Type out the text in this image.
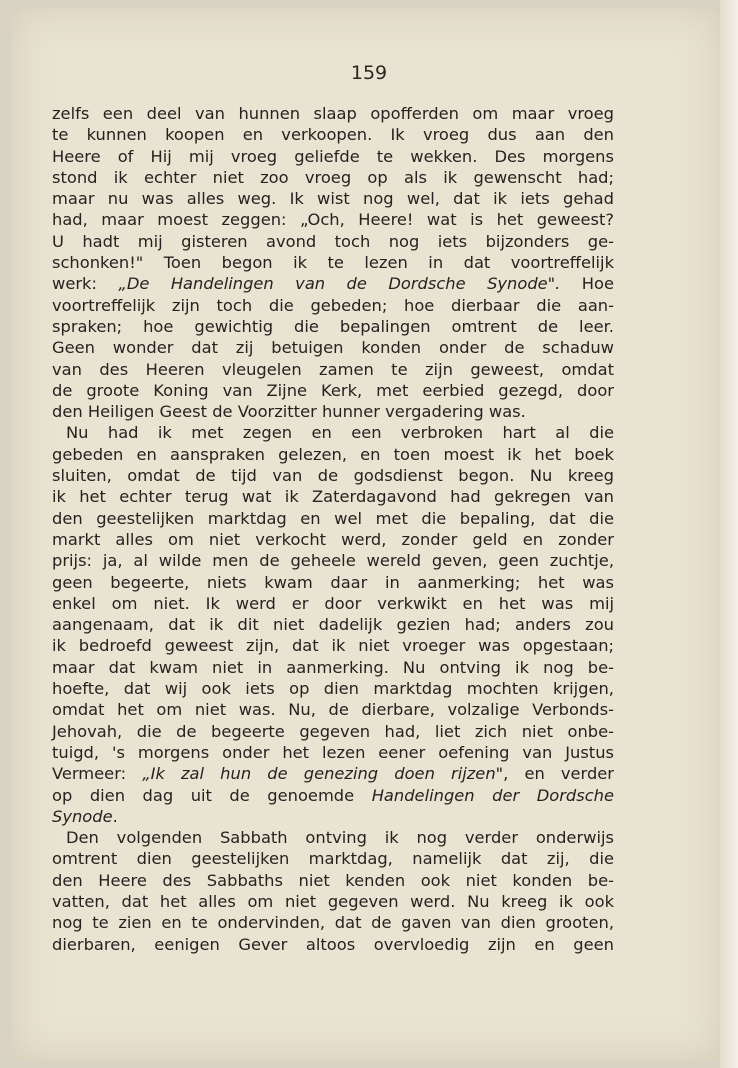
159
zelfs een deel van hunnen slaap opofferden om maar vroeg
te kunnen koopen en verkoopen. Ik vroeg dus aan den
Heere of Hij mij vroeg geliefde te wekken. Des morgens
stond ik echter niet zoo vroeg op als ik gewenscht had;
maar nu was alles weg. Ik wist nog wel, dat ik iets gehad
had, maar moest zeggen: „Och, Heere! wat is het geweest?
U hadt mij gisteren avond toch nog iets bijzonders ge-
schonken!" Toen begon ik te lezen in dat voortreffelijk
werk: „De Handelingen van de Dordsche Synode". Hoe
voortreffelijk zijn toch die gebeden; hoe dierbaar die aan-
spraken; hoe gewichtig die bepalingen omtrent de leer.
Geen wonder dat zij betuigen konden onder de schaduw
van des Heeren vleugelen zamen te zijn geweest, omdat
de groote Koning van Zijne Kerk, met eerbied gezegd, door
den Heiligen Geest de Voorzitter hunner vergadering was.
Nu had ik met zegen en een verbroken hart al die
gebeden en aanspraken gelezen, en toen moest ik het boek
sluiten, omdat de tijd van de godsdienst begon. Nu kreeg
ik het echter terug wat ik Zaterdagavond had gekregen van
den geestelijken marktdag en wel met die bepaling, dat die
markt alles om niet verkocht werd, zonder geld en zonder
prijs: ja, al wilde men de geheele wereld geven, geen zuchtje,
geen begeerte, niets kwam daar in aanmerking; het was
enkel om niet. Ik werd er door verkwikt en het was mij
aangenaam, dat ik dit niet dadelijk gezien had; anders zou
ik bedroefd geweest zijn, dat ik niet vroeger was opgestaan;
maar dat kwam niet in aanmerking. Nu ontving ik nog be-
hoefte, dat wij ook iets op dien marktdag mochten krijgen,
omdat het om niet was. Nu, de dierbare, volzalige Verbonds-
Jehovah, die de begeerte gegeven had, liet zich niet onbe-
tuigd, 's morgens onder het lezen eener oefening van Justus
Vermeer: „Ik zal hun de genezing doen rijzen", en verder
op dien dag uit de genoemde Handelingen der Dordsche
Synode.
Den volgenden Sabbath ontving ik nog verder onderwijs
omtrent dien geestelijken marktdag, namelijk dat zij, die
den Heere des Sabbaths niet kenden ook niet konden be-
vatten, dat het alles om niet gegeven werd. Nu kreeg ik ook
nog te zien en te ondervinden, dat de gaven van dien grooten,
dierbaren, eenigen Gever altoos overvloedig zijn en geen
